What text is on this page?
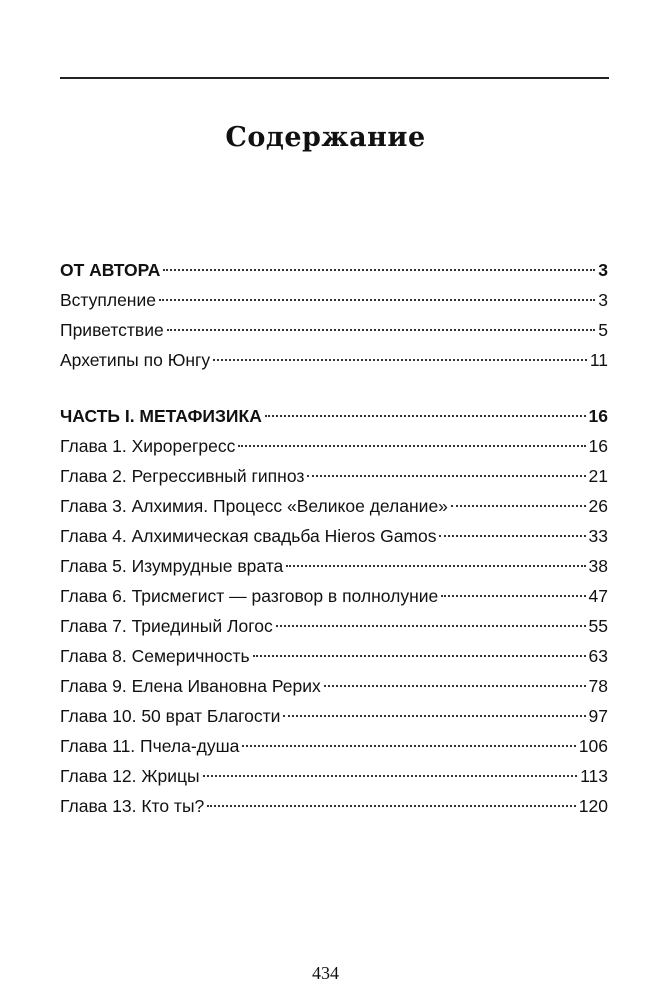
Содержание
ОТ АВТОРА	3
Вступление	3
Приветствие	5
Архетипы по Юнгу	11
ЧАСТЬ I. МЕТАФИЗИКА	16
Глава 1. Хирорегресс	16
Глава 2. Регрессивный гипноз	21
Глава 3. Алхимия. Процесс «Великое делание»	26
Глава 4. Алхимическая свадьба Hieros Gamos	33
Глава 5. Изумрудные врата	38
Глава 6. Трисмегист — разговор в полнолуние	47
Глава 7. Триединый Логос	55
Глава 8. Семеричность	63
Глава 9. Елена Ивановна Рерих	78
Глава 10. 50 врат Благости	97
Глава 11. Пчела-душа	106
Глава 12. Жрицы	113
Глава 13. Кто ты?	120
434
